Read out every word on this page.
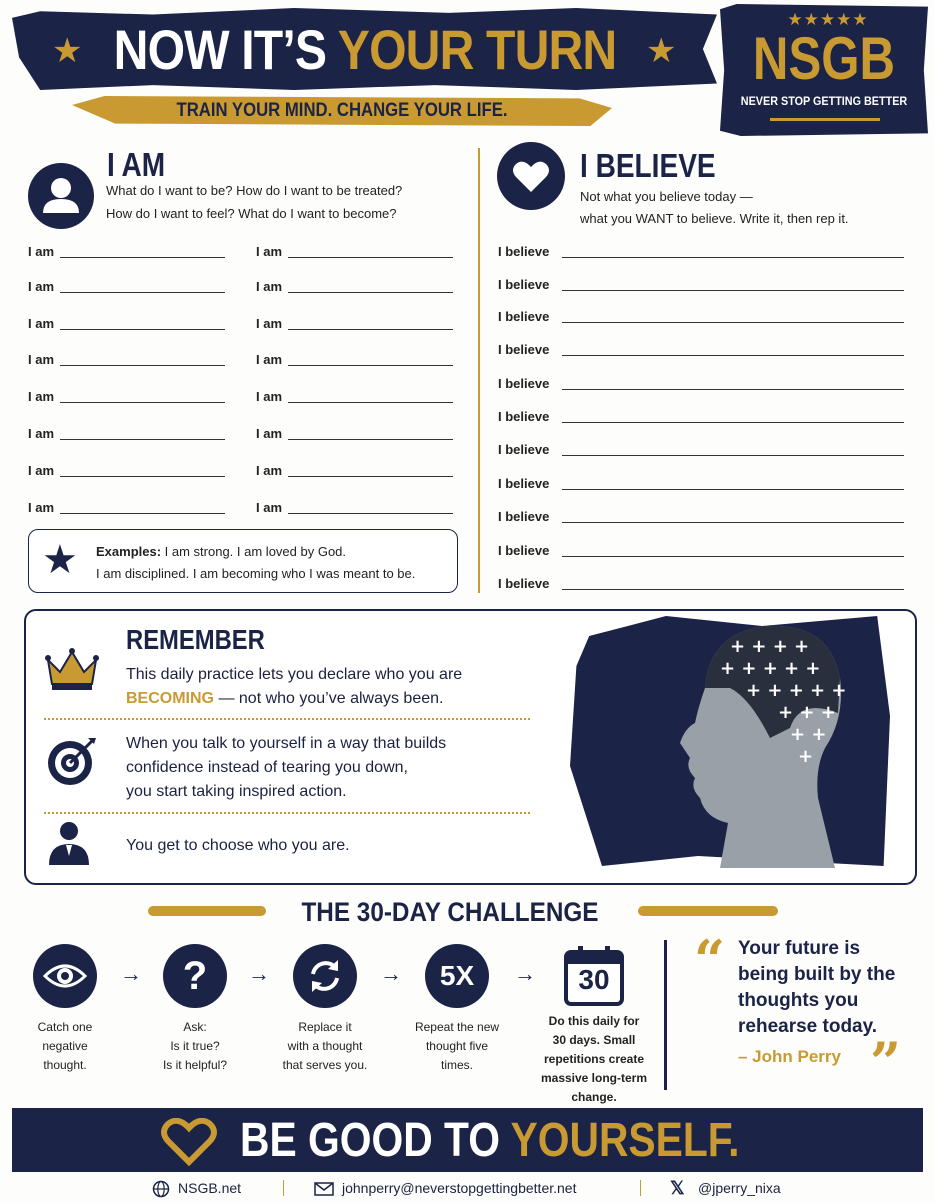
★	★
NOW IT’S YOUR TURN
TRAIN YOUR MIND. CHANGE YOUR LIFE.
★★★★★
NSGB
NEVER STOP GETTING BETTER
I AM
What do I want to be? How do I want to be treated?
How do I want to feel? What do I want to become?
I am	I am
I am	I am
I am	I am
I am	I am
I am	I am
I am	I am
I am	I am
I am	I am
★ Examples: I am strong. I am loved by God.
I am disciplined. I am becoming who I was meant to be.
I BELIEVE
Not what you believe today —
what you WANT to believe. Write it, then rep it.
I believe
I believe
I believe
I believe
I believe
I believe
I believe
I believe
I believe
I believe
I believe
REMEMBER
This daily practice lets you declare who you are
BECOMING — not who you’ve always been.
When you talk to yourself in a way that builds
confidence instead of tearing you down,
you start taking inspired action.
You get to choose who you are.
+ + + +
+ + + + +
+ + + + +
+ + +
+ +
+
THE 30-DAY CHALLENGE
Catch one
negative
thought.
?
Ask:
Is it true?
Is it helpful?
Replace it
with a thought
that serves you.
5X
Repeat the new
thought five
times.
30
Do this daily for
30 days. Small
repetitions create
massive long-term
change.
→	→	→	→	“ Your future is
being built by the
thoughts you
rehearse today.
– John Perry ”
BE GOOD TO YOURSELF.
NSGB.net	johnperry@neverstopgettingbetter.net	𝕏 @jperry_nixa
